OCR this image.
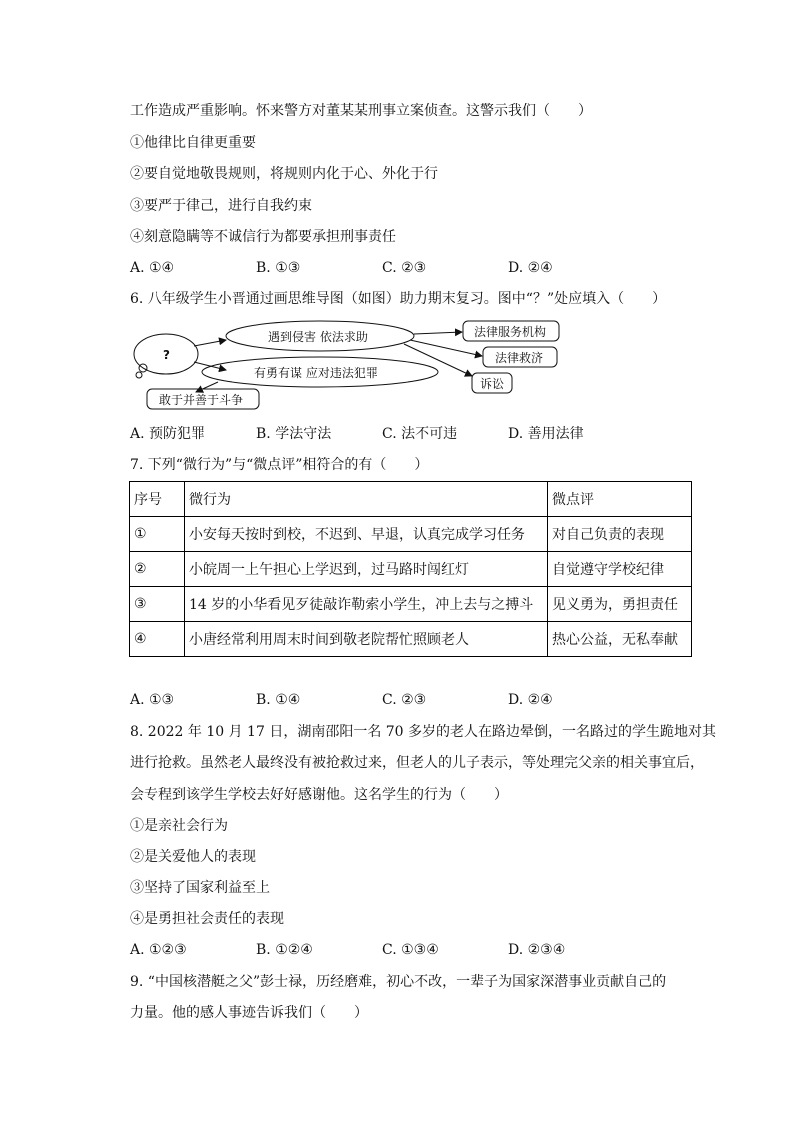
工作造成严重影响。怀来警方对董某某刑事立案侦查。这警示我们（　　）
①他律比自律更重要
②要自觉地敬畏规则，将规则内化于心、外化于行
③要严于律己，进行自我约束
④刻意隐瞒等不诚信行为都要承担刑事责任
A. ①④	B. ①③	C. ②③	D. ②④
6. 八年级学生小晋通过画思维导图（如图）助力期末复习。图中“？”处应填入（　　）
?
遇到侵害 依法求助
有勇有谋 应对违法犯罪
法律服务机构
法律救济
诉讼
敢于并善于斗争
A. 预防犯罪	B. 学法守法	C. 法不可违	D. 善用法律
7. 下列“微行为”与“微点评”相符合的有（　　）
序号	微行为	微点评
①	小安每天按时到校，不迟到、早退，认真完成学习任务	对自己负责的表现
②	小皖周一上午担心上学迟到，过马路时闯红灯	自觉遵守学校纪律
③	14 岁的小华看见歹徒敲诈勒索小学生，冲上去与之搏斗	见义勇为，勇担责任
④	小唐经常利用周末时间到敬老院帮忙照顾老人	热心公益，无私奉献
A. ①③	B. ①④	C. ②③	D. ②④
8. 2022 年 10 月 17 日，湖南邵阳一名 70 多岁的老人在路边晕倒，一名路过的学生跪地对其
进行抢救。虽然老人最终没有被抢救过来，但老人的儿子表示，等处理完父亲的相关事宜后，
会专程到该学生学校去好好感谢他。这名学生的行为（　　）
①是亲社会行为
②是关爱他人的表现
③坚持了国家利益至上
④是勇担社会责任的表现
A. ①②③	B. ①②④	C. ①③④	D. ②③④
9. “中国核潜艇之父”彭士禄，历经磨难，初心不改，一辈子为国家深潜事业贡献自己的
力量。他的感人事迹告诉我们（　　）
